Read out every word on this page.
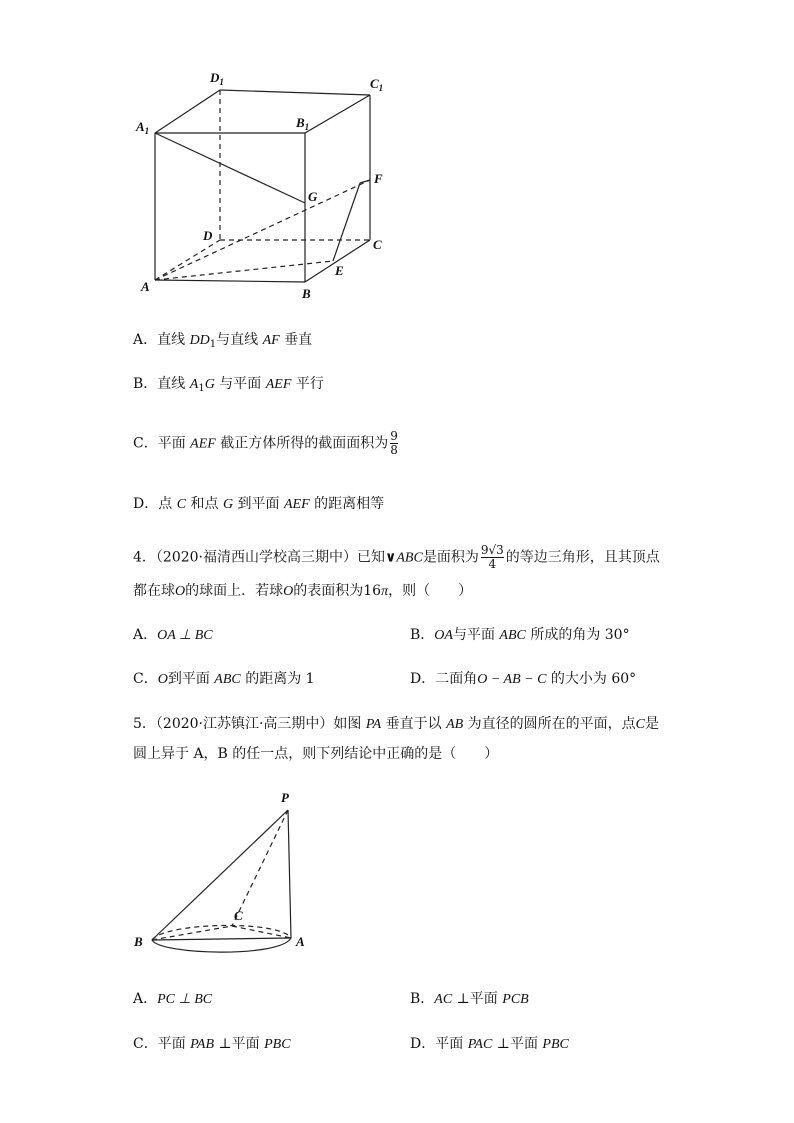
$D_1$	$C_1$
$A_1$
$B_1$
G
F
D
C
E
A	B
A．直线 $DD_1$与直线 AF 垂直
B．直线 $A_1G$ 与平面 AEF 平行
C．平面 AEF 截正方体所得的截面面积为 $\frac{9}{8}$
D．点 C 和点 G 到平面 AEF 的距离相等
4．（2020·福清西山学校高三期中）已知∨ABC是面积为 $\frac{9√3}{4}$ 的等边三角形，且其顶点
都在球O的球面上．若球O的表面积为16π，则（　　）
A．OA ⊥ BC	B．OA与平面 ABC 所成的角为 30°
C．O到平面 ABC 的距离为 1	D．二面角O − AB − C 的大小为 60°
5．（2020·江苏镇江·高三期中）如图 PA 垂直于以 AB 为直径的圆所在的平面，点C是
圆上异于 A，B 的任一点，则下列结论中正确的是（　　）
P
C
B	A
A．PC ⊥ BC	B．AC ⊥平面 PCB
C．平面 PAB ⊥平面 PBC	D．平面 PAC ⊥平面 PBC
